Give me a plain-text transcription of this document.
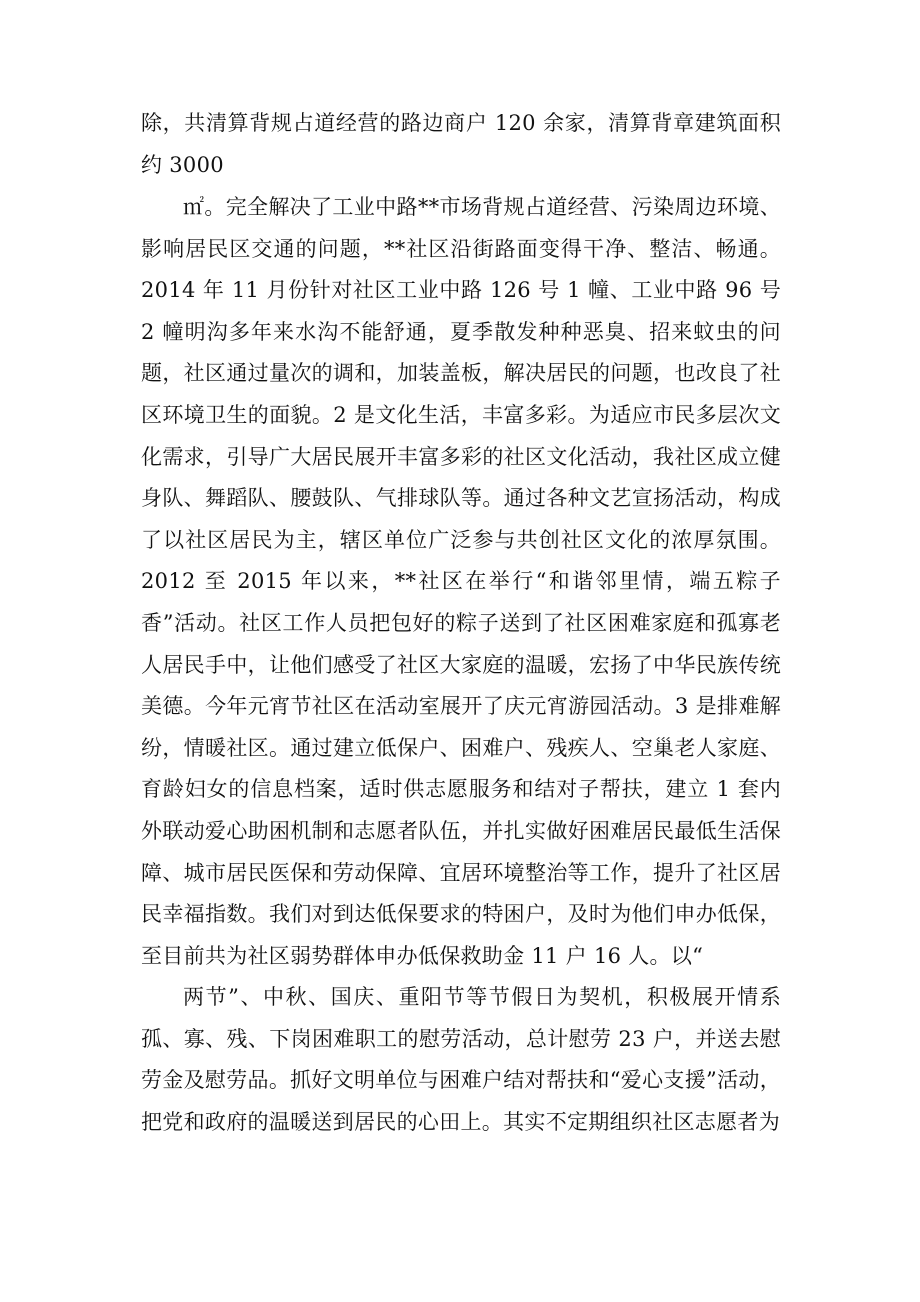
除，共清算背规占道经营的路边商户 120 余家，清算背章建筑面积约 3000

㎡。完全解决了工业中路**市场背规占道经营、污染周边环境、影响居民区交通的问题，**社区沿街路面变得干净、整洁、畅通。2014 年 11 月份针对社区工业中路 126 号 1 幢、工业中路 96 号 2 幢明沟多年来水沟不能舒通，夏季散发种种恶臭、招来蚊虫的问题，社区通过量次的调和，加装盖板，解决居民的问题，也改良了社区环境卫生的面貌。2 是文化生活，丰富多彩。为适应市民多层次文化需求，引导广大居民展开丰富多彩的社区文化活动，我社区成立健身队、舞蹈队、腰鼓队、气排球队等。通过各种文艺宣扬活动，构成了以社区居民为主，辖区单位广泛参与共创社区文化的浓厚氛围。2012 至 2015 年以来，**社区在举行“和谐邻里情，端五粽子香”活动。社区工作人员把包好的粽子送到了社区困难家庭和孤寡老人居民手中，让他们感受了社区大家庭的温暖，宏扬了中华民族传统美德。今年元宵节社区在活动室展开了庆元宵游园活动。3 是排难解纷，情暖社区。通过建立低保户、困难户、残疾人、空巢老人家庭、育龄妇女的信息档案，适时供志愿服务和结对子帮扶，建立 1 套内外联动爱心助困机制和志愿者队伍，并扎实做好困难居民最低生活保障、城市居民医保和劳动保障、宜居环境整治等工作，提升了社区居民幸福指数。我们对到达低保要求的特困户，及时为他们申办低保，至目前共为社区弱势群体申办低保救助金 11 户 16 人。以“

两节”、中秋、国庆、重阳节等节假日为契机，积极展开情系孤、寡、残、下岗困难职工的慰劳活动，总计慰劳 23 户，并送去慰劳金及慰劳品。抓好文明单位与困难户结对帮扶和“爱心支援”活动，把党和政府的温暖送到居民的心田上。其实不定期组织社区志愿者为
